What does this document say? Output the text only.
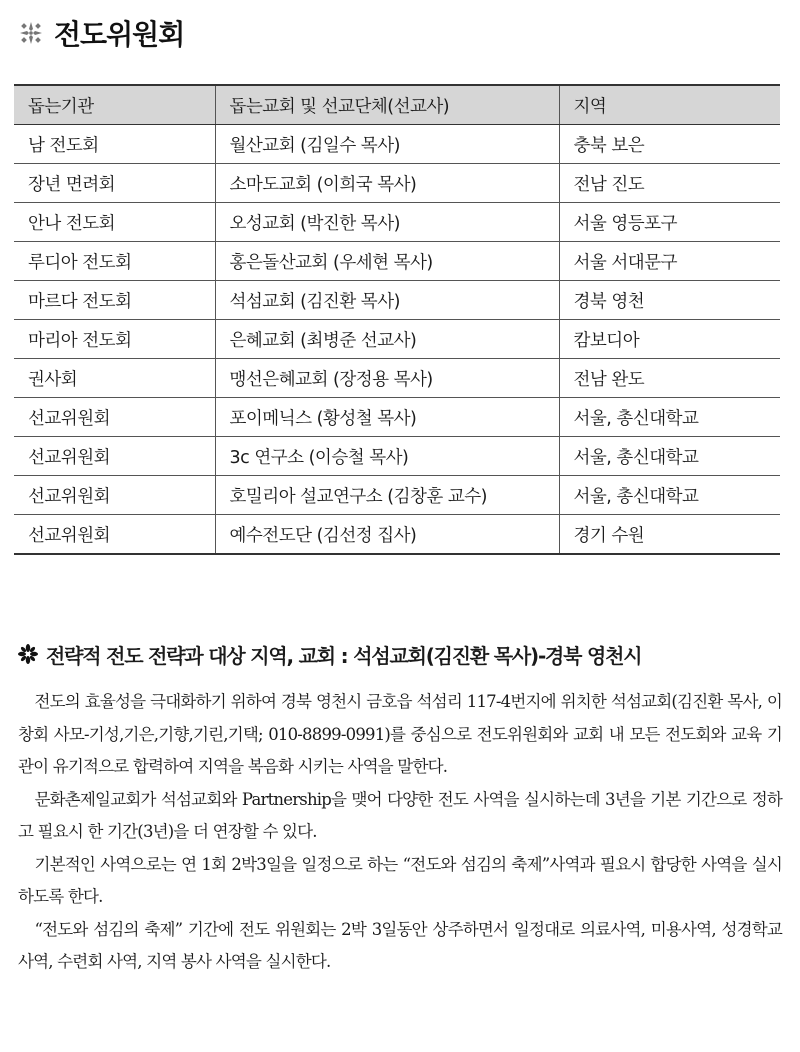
전도위원회
돕는기관	돕는교회 및 선교단체(선교사)	지역
남 전도회	월산교회 (김일수 목사)	충북 보은
장년 면려회	소마도교회 (이희국 목사)	전남 진도
안나 전도회	오성교회 (박진한 목사)	서울 영등포구
루디아 전도회	홍은돌산교회 (우세현 목사)	서울 서대문구
마르다 전도회	석섬교회 (김진환 목사)	경북 영천
마리아 전도회	은혜교회 (최병준 선교사)	캄보디아
권사회	맹선은혜교회 (장정용 목사)	전남 완도
선교위원회	포이메닉스 (황성철 목사)	서울, 총신대학교
선교위원회	3c 연구소 (이승철 목사)	서울, 총신대학교
선교위원회	호밀리아 설교연구소 (김창훈 교수)	서울, 총신대학교
선교위원회	예수전도단 (김선정 집사)	경기 수원
전략적 전도 전략과 대상 지역, 교회 : 석섬교회(김진환 목사)-경북 영천시

전도의 효율성을 극대화하기 위하여 경북 영천시 금호읍 석섬리 117-4번지에 위치한 석섬교회(김진환 목사, 이창회 사모-기성,기은,기향,기린,기택; 010-8899-0991)를 중심으로 전도위원회와 교회 내 모든 전도회와 교육 기관이 유기적으로 합력하여 지역을 복음화 시키는 사역을 말한다.

문화촌제일교회가 석섬교회와 Partnership을 맺어 다양한 전도 사역을 실시하는데 3년을 기본 기간으로 정하고 필요시 한 기간(3년)을 더 연장할 수 있다.

기본적인 사역으로는 연 1회 2박3일을 일정으로 하는 “전도와 섬김의 축제”사역과 필요시 합당한 사역을 실시하도록 한다.

“전도와 섬김의 축제” 기간에 전도 위원회는 2박 3일동안 상주하면서 일정대로 의료사역, 미용사역, 성경학교사역, 수련회 사역, 지역 봉사 사역을 실시한다.
